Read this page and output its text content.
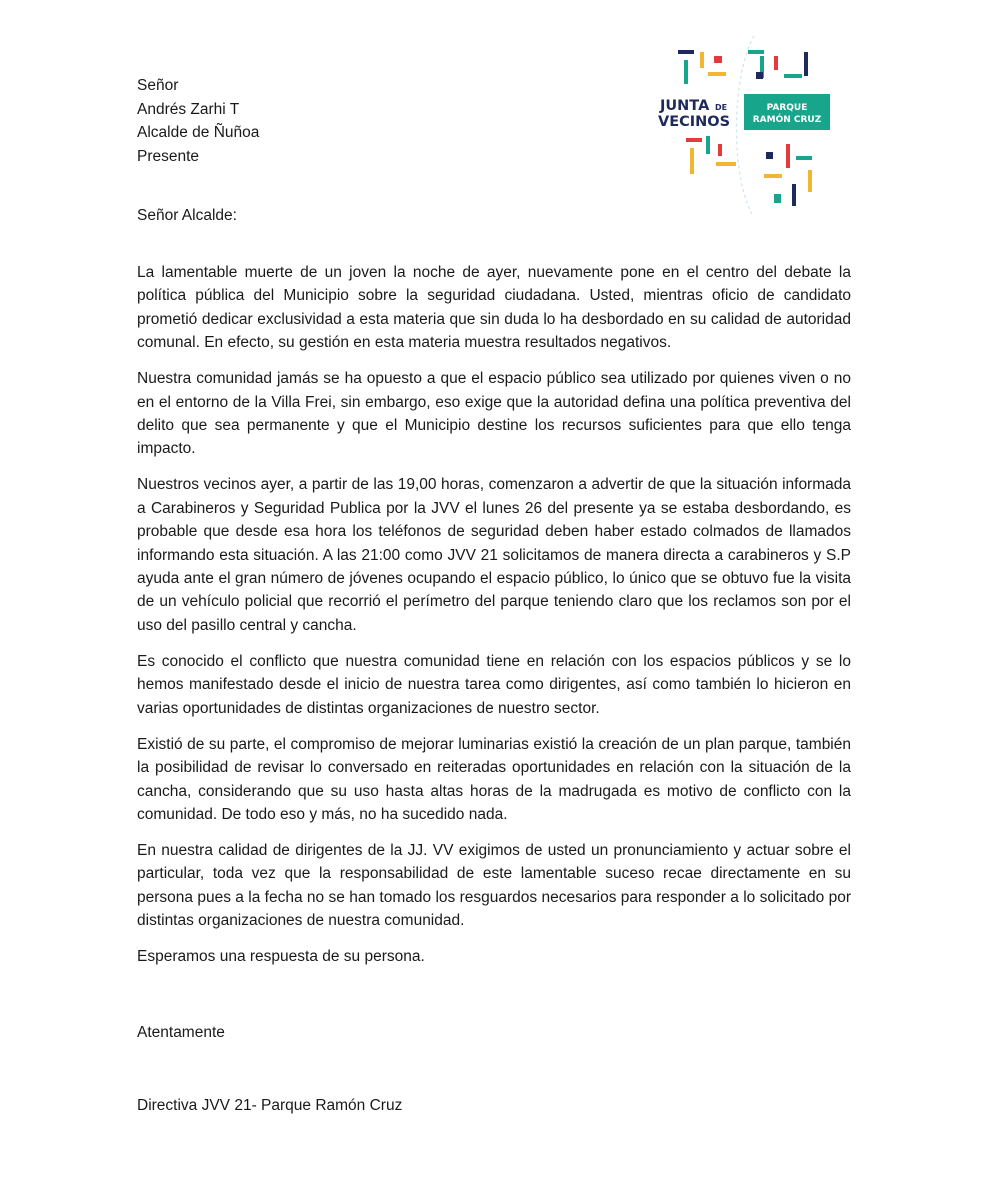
JUNTA DE
VECINOS
PARQUE
RAMÓN CRUZ
Señor
Andrés Zarhi T
Alcalde de Ñuñoa
Presente
Señor Alcalde:

La lamentable muerte de un joven la noche de ayer, nuevamente pone en el centro del debate la política pública del Municipio sobre la seguridad ciudadana. Usted, mientras oficio de candidato prometió dedicar exclusividad a esta materia que sin duda lo ha desbordado en su calidad de autoridad comunal. En efecto, su gestión en esta materia muestra resultados negativos.

Nuestra comunidad jamás se ha opuesto a que el espacio público sea utilizado por quienes viven o no en el entorno de la Villa Frei, sin embargo, eso exige que la autoridad defina una política preventiva del delito que sea permanente y que el Municipio destine los recursos suficientes para que ello tenga impacto.

Nuestros vecinos ayer, a partir de las 19,00 horas, comenzaron a advertir de que la situación informada a Carabineros y Seguridad Publica por la JVV el lunes 26 del presente ya se estaba desbordando, es probable que desde esa hora los teléfonos de seguridad deben haber estado colmados de llamados informando esta situación. A las 21:00 como JVV 21 solicitamos de manera directa a carabineros y S.P ayuda ante el gran número de jóvenes ocupando el espacio público, lo único que se obtuvo fue la visita de un vehículo policial que recorrió el perímetro del parque teniendo claro que los reclamos son por el uso del pasillo central y cancha.

Es conocido el conflicto que nuestra comunidad tiene en relación con los espacios públicos y se lo hemos manifestado desde el inicio de nuestra tarea como dirigentes, así como también lo hicieron en varias oportunidades de distintas organizaciones de nuestro sector.

Existió de su parte, el compromiso de mejorar luminarias existió la creación de un plan parque, también la posibilidad de revisar lo conversado en reiteradas oportunidades en relación con la situación de la cancha, considerando que su uso hasta altas horas de la madrugada es motivo de conflicto con la comunidad. De todo eso y más, no ha sucedido nada.

En nuestra calidad de dirigentes de la JJ. VV exigimos de usted un pronunciamiento y actuar sobre el particular, toda vez que la responsabilidad de este lamentable suceso recae directamente en su persona pues a la fecha no se han tomado los resguardos necesarios para responder a lo solicitado por distintas organizaciones de nuestra comunidad.

Esperamos una respuesta de su persona.

Atentamente
Directiva JVV 21- Parque Ramón Cruz
